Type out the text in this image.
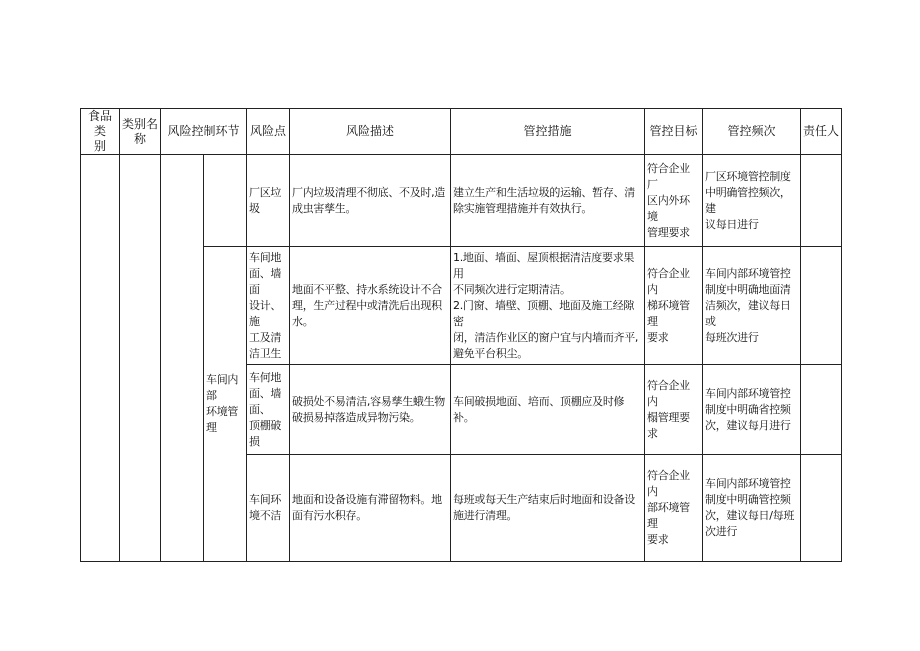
食品类
别	类别名
称	风险控制环节		风险点	风险描述	管控措施	管控目标	管控频次	责任人
				厂区垃
圾	厂内垃圾清理不彻底、不及时,造
成虫害孳生。	建立生产和生活垃圾的运输、暂存、清
除实施管理措施并有效执行。	符合企业厂
区内外环境
管理要求	厂区环境管控制度
中明确管控频次，建
议每日进行	
			车间内部
环境管理	车间地
面、墙面
设计、施
工及清
洁卫生	地面不平整、持水系统设计不合
理，生产过程中或清洗后出现积
水。	1.地面、墙面、屋顶根据清洁度要求果用
不同频次进行定期清洁。
2.门窗、墙壁、顶棚、地面及施工经隙密
闭，清洁作业区的窗户宜与内墙而齐平,
避免平台积尘。	符合企业内
梯环境管理
要求	车间内部环境管控
制度中明确地面清
洁频次，建议每日或
每班次进行	
				车何地
面、墙面、
顶棚破
损	破损处不易清洁,容易孳生蛾生物
破损易掉落造成异物污染。	车间破损地面、培而、顶棚应及时修补。	符合企业内
榻管理要求	车间内部环境管控
制度中明确省控频
次，建议每月进行	
				车间环
境不洁	地面和设备设施有滞留物料。地
面有污水积存。	每班或每天生产结束后时地面和设备设
施进行清理。	符合企业内
部环境管理
要求	车间内部环境管控
制度中明确管控频
次，建议每日/每班
次进行	
